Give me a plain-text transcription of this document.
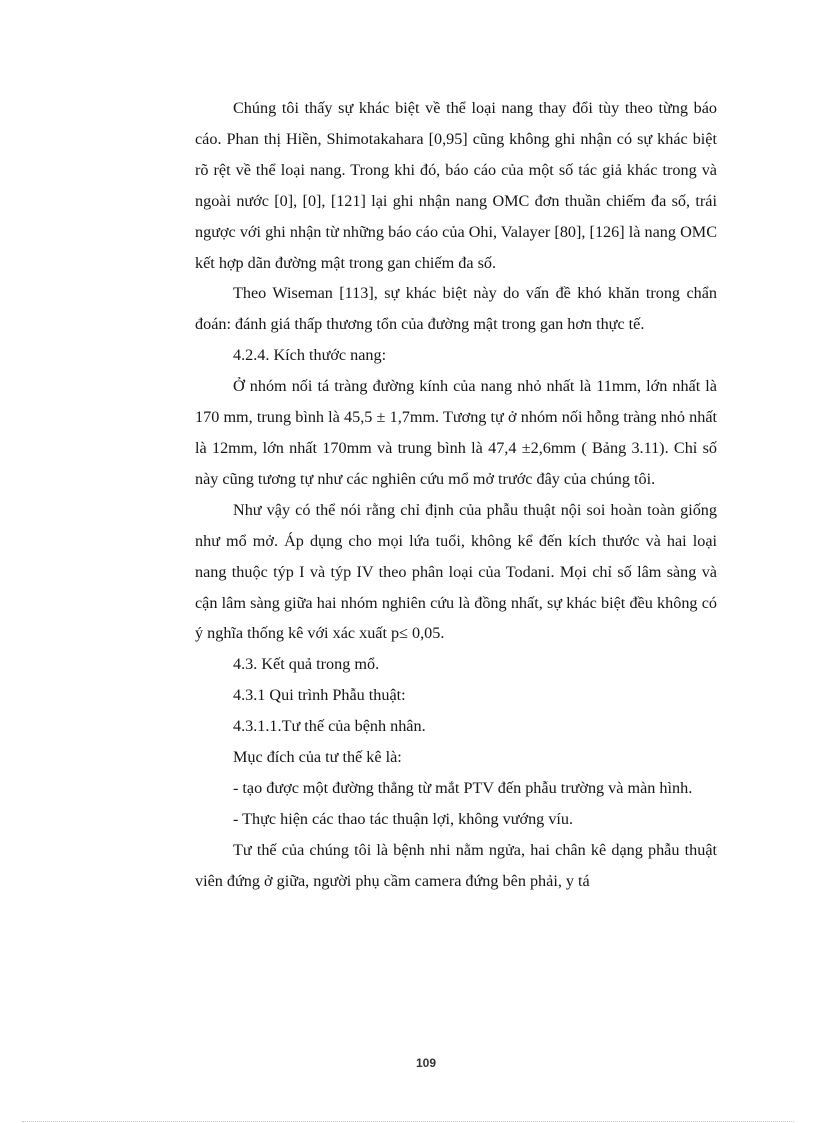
Chúng tôi thấy sự khác biệt về thể loại nang thay đổi tùy theo từng báo cáo. Phan thị Hiền, Shimotakahara [0,95] cũng không ghi nhận có sự khác biệt rõ rệt về thể loại nang. Trong khi đó, báo cáo của một số tác giả khác trong và ngoài nước [0], [0], [121] lại ghi nhận nang OMC đơn thuần chiếm đa số, trái ngược với ghi nhận từ những báo cáo của Ohi, Valayer [80], [126] là nang OMC kết hợp dãn đường mật trong gan chiếm đa số.

Theo Wiseman [113], sự khác biệt này do vấn đề khó khăn trong chẩn đoán: đánh giá thấp thương tổn của đường mật trong gan hơn thực tế.

4.2.4. Kích thước nang:

Ở nhóm nối tá tràng đường kính của nang nhỏ nhất là 11mm, lớn nhất là 170 mm, trung bình là 45,5 ± 1,7mm. Tương tự ở nhóm nối hỗng tràng nhỏ nhất là 12mm, lớn nhất 170mm và trung bình là 47,4 ±2,6mm ( Bảng 3.11). Chỉ số này cũng tương tự như các nghiên cứu mổ mở trước đây của chúng tôi.

Như vậy có thể nói rằng chỉ định của phẫu thuật nội soi hoàn toàn giống như mổ mở. Áp dụng cho mọi lứa tuổi, không kể đến kích thước và hai loại nang thuộc týp I và týp IV theo phân loại của Todani. Mọi chỉ số lâm sàng và cận lâm sàng giữa hai nhóm nghiên cứu là đồng nhất, sự khác biệt đều không có ý nghĩa thống kê với xác xuất p≤ 0,05.

4.3. Kết quả trong mổ.

4.3.1 Qui trình Phẫu thuật:

4.3.1.1.Tư thế của bệnh nhân.

Mục đích của tư thế kê là:

- tạo được một đường thẳng từ mắt PTV đến phẫu trường và màn hình.

- Thực hiện các thao tác thuận lợi, không vướng víu.

Tư thế của chúng tôi là bệnh nhi nằm ngửa, hai chân kê dạng phẫu thuật viên đứng ở giữa, người phụ cầm camera đứng bên phải, y tá

109
